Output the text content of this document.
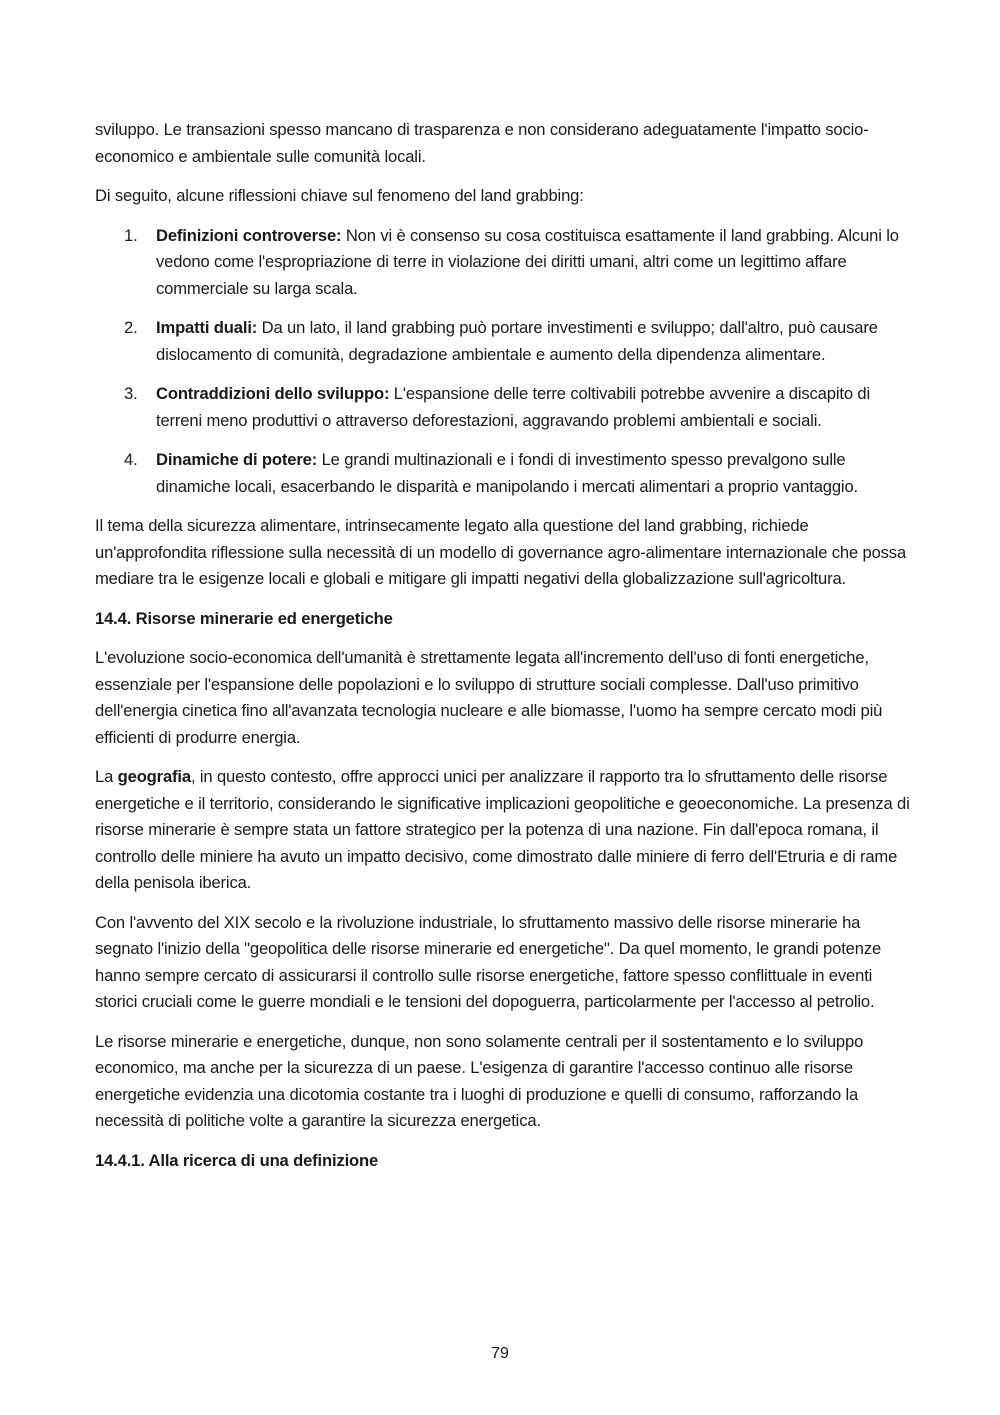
sviluppo. Le transazioni spesso mancano di trasparenza e non considerano adeguatamente l'impatto socio-economico e ambientale sulle comunità locali.

Di seguito, alcune riflessioni chiave sul fenomeno del land grabbing:

1. Definizioni controverse: Non vi è consenso su cosa costituisca esattamente il land grabbing. Alcuni lo vedono come l'espropriazione di terre in violazione dei diritti umani, altri come un legittimo affare commerciale su larga scala.
2. Impatti duali: Da un lato, il land grabbing può portare investimenti e sviluppo; dall'altro, può causare dislocamento di comunità, degradazione ambientale e aumento della dipendenza alimentare.
3. Contraddizioni dello sviluppo: L'espansione delle terre coltivabili potrebbe avvenire a discapito di terreni meno produttivi o attraverso deforestazioni, aggravando problemi ambientali e sociali.
4. Dinamiche di potere: Le grandi multinazionali e i fondi di investimento spesso prevalgono sulle dinamiche locali, esacerbando le disparità e manipolando i mercati alimentari a proprio vantaggio.

Il tema della sicurezza alimentare, intrinsecamente legato alla questione del land grabbing, richiede un'approfondita riflessione sulla necessità di un modello di governance agro-alimentare internazionale che possa mediare tra le esigenze locali e globali e mitigare gli impatti negativi della globalizzazione sull'agricoltura.

14.4. Risorse minerarie ed energetiche

L'evoluzione socio-economica dell'umanità è strettamente legata all'incremento dell'uso di fonti energetiche, essenziale per l'espansione delle popolazioni e lo sviluppo di strutture sociali complesse. Dall'uso primitivo dell'energia cinetica fino all'avanzata tecnologia nucleare e alle biomasse, l'uomo ha sempre cercato modi più efficienti di produrre energia.

La geografia, in questo contesto, offre approcci unici per analizzare il rapporto tra lo sfruttamento delle risorse energetiche e il territorio, considerando le significative implicazioni geopolitiche e geoeconomiche. La presenza di risorse minerarie è sempre stata un fattore strategico per la potenza di una nazione. Fin dall'epoca romana, il controllo delle miniere ha avuto un impatto decisivo, come dimostrato dalle miniere di ferro dell'Etruria e di rame della penisola iberica.

Con l'avvento del XIX secolo e la rivoluzione industriale, lo sfruttamento massivo delle risorse minerarie ha segnato l'inizio della "geopolitica delle risorse minerarie ed energetiche". Da quel momento, le grandi potenze hanno sempre cercato di assicurarsi il controllo sulle risorse energetiche, fattore spesso conflittuale in eventi storici cruciali come le guerre mondiali e le tensioni del dopoguerra, particolarmente per l'accesso al petrolio.

Le risorse minerarie e energetiche, dunque, non sono solamente centrali per il sostentamento e lo sviluppo economico, ma anche per la sicurezza di un paese. L'esigenza di garantire l'accesso continuo alle risorse energetiche evidenzia una dicotomia costante tra i luoghi di produzione e quelli di consumo, rafforzando la necessità di politiche volte a garantire la sicurezza energetica.

14.4.1. Alla ricerca di una definizione
79
